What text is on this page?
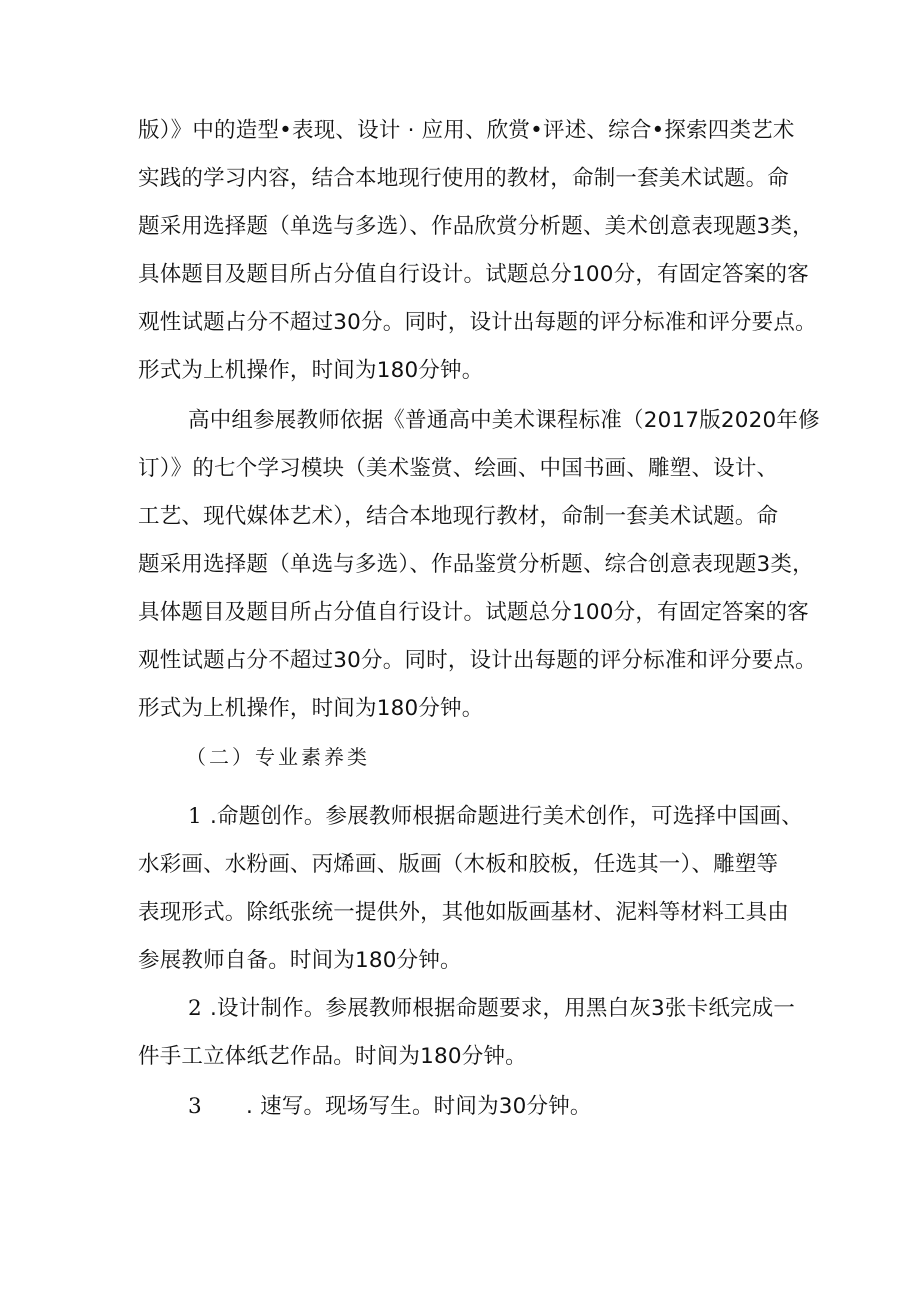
版）》中的造型•表现、设计 · 应用、欣赏•评述、综合•探索四类艺术
实践的学习内容，结合本地现行使用的教材，命制一套美术试题。命
题采用选择题（单选与多选）、作品欣赏分析题、美术创意表现题3类，
具体题目及题目所占分值自行设计。试题总分100分，有固定答案的客
观性试题占分不超过30分。同时，设计出每题的评分标准和评分要点。
形式为上机操作，时间为180分钟。
高中组参展教师依据《普通高中美术课程标准（2017版2020年修
订）》的七个学习模块（美术鉴赏、绘画、中国书画、雕塑、设计、
工艺、现代媒体艺术），结合本地现行教材，命制一套美术试题。命
题采用选择题（单选与多选）、作品鉴赏分析题、综合创意表现题3类，
具体题目及题目所占分值自行设计。试题总分100分，有固定答案的客
观性试题占分不超过30分。同时，设计出每题的评分标准和评分要点。
形式为上机操作，时间为180分钟。
（二）专业素养类
1 .命题创作。参展教师根据命题进行美术创作，可选择中国画、
水彩画、水粉画、丙烯画、版画（木板和胶板，任选其一）、雕塑等
表现形式。除纸张统一提供外，其他如版画基材、泥料等材料工具由
参展教师自备。时间为180分钟。
2 .设计制作。参展教师根据命题要求，用黑白灰3张卡纸完成一
件手工立体纸艺作品。时间为180分钟。
3 . 速写。现场写生。时间为30分钟。
